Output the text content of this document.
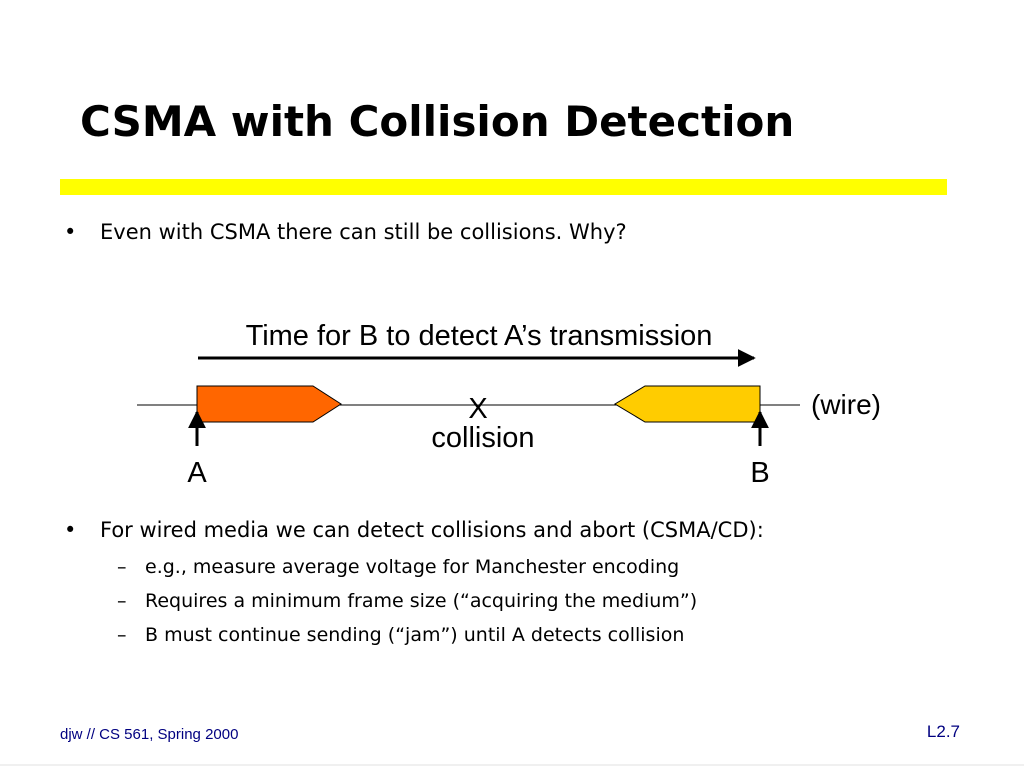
CSMA with Collision Detection
• Even with CSMA there can still be collisions. Why?
Time for B to detect A’s transmission
(wire)
X
collision
A	B
• For wired media we can detect collisions and abort (CSMA/CD):
– e.g., measure average voltage for Manchester encoding
– Requires a minimum frame size (“acquiring the medium”)
– B must continue sending (“jam”) until A detects collision
djw // CS 561, Spring 2000	L2.7
